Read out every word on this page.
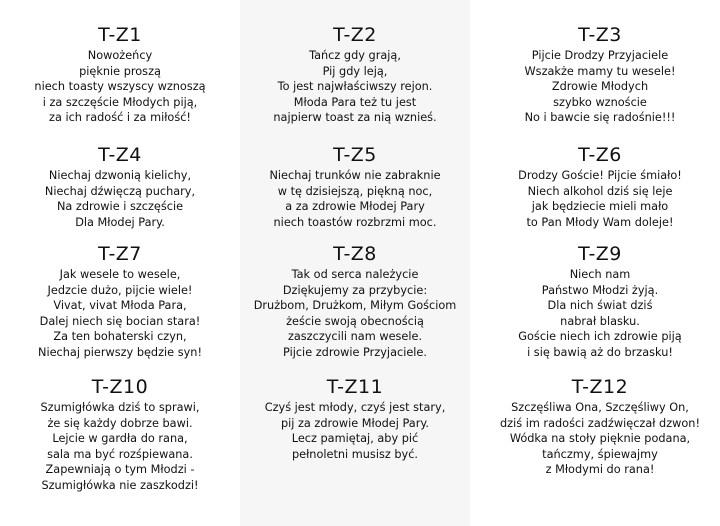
T-Z1
Nowożeńcy
pięknie proszą
niech toasty wszyscy wznoszą
i za szczęście Młodych piją,
za ich radość i za miłość!
T-Z2
Tańcz gdy grają,
Pij gdy leją,
To jest najwłaściwszy rejon.
Młoda Para też tu jest
najpierw toast za nią wznieś.
T-Z3
Pijcie Drodzy Przyjaciele
Wszakże mamy tu wesele!
Zdrowie Młodych
szybko wznoście
No i bawcie się radośnie!!!
T-Z4
Niechaj dzwonią kielichy,
Niechaj dźwięczą puchary,
Na zdrowie i szczęście
Dla Młodej Pary.
T-Z5
Niechaj trunków nie zabraknie
w tę dzisiejszą, piękną noc,
a za zdrowie Młodej Pary
niech toastów rozbrzmi moc.
T-Z6
Drodzy Goście! Pijcie śmiało!
Niech alkohol dziś się leje
jak będziecie mieli mało
to Pan Młody Wam doleje!
T-Z7
Jak wesele to wesele,
Jedzcie dużo, pijcie wiele!
Vivat, vivat Młoda Para,
Dalej niech się bocian stara!
Za ten bohaterski czyn,
Niechaj pierwszy będzie syn!
T-Z8
Tak od serca należycie
Dziękujemy za przybycie:
Drużbom, Drużkom, Miłym Gościom
żeście swoją obecnością
zaszczycili nam wesele.
Pijcie zdrowie Przyjaciele.
T-Z9
Niech nam
Państwo Młodzi żyją.
Dla nich świat dziś
nabrał blasku.
Goście niech ich zdrowie piją
i się bawią aż do brzasku!
T-Z10
Szumigłówka dziś to sprawi,
że się każdy dobrze bawi.
Lejcie w gardła do rana,
sala ma być rozśpiewana.
Zapewniają o tym Młodzi -
Szumigłówka nie zaszkodzi!
T-Z11
Czyś jest młody, czyś jest stary,
pij za zdrowie Młodej Pary.
Lecz pamiętaj, aby pić
pełnoletni musisz być.
T-Z12
Szczęśliwa Ona, Szczęśliwy On,
dziś im radości zadźwięczał dzwon!
Wódka na stoły pięknie podana,
tańczmy, śpiewajmy
z Młodymi do rana!
